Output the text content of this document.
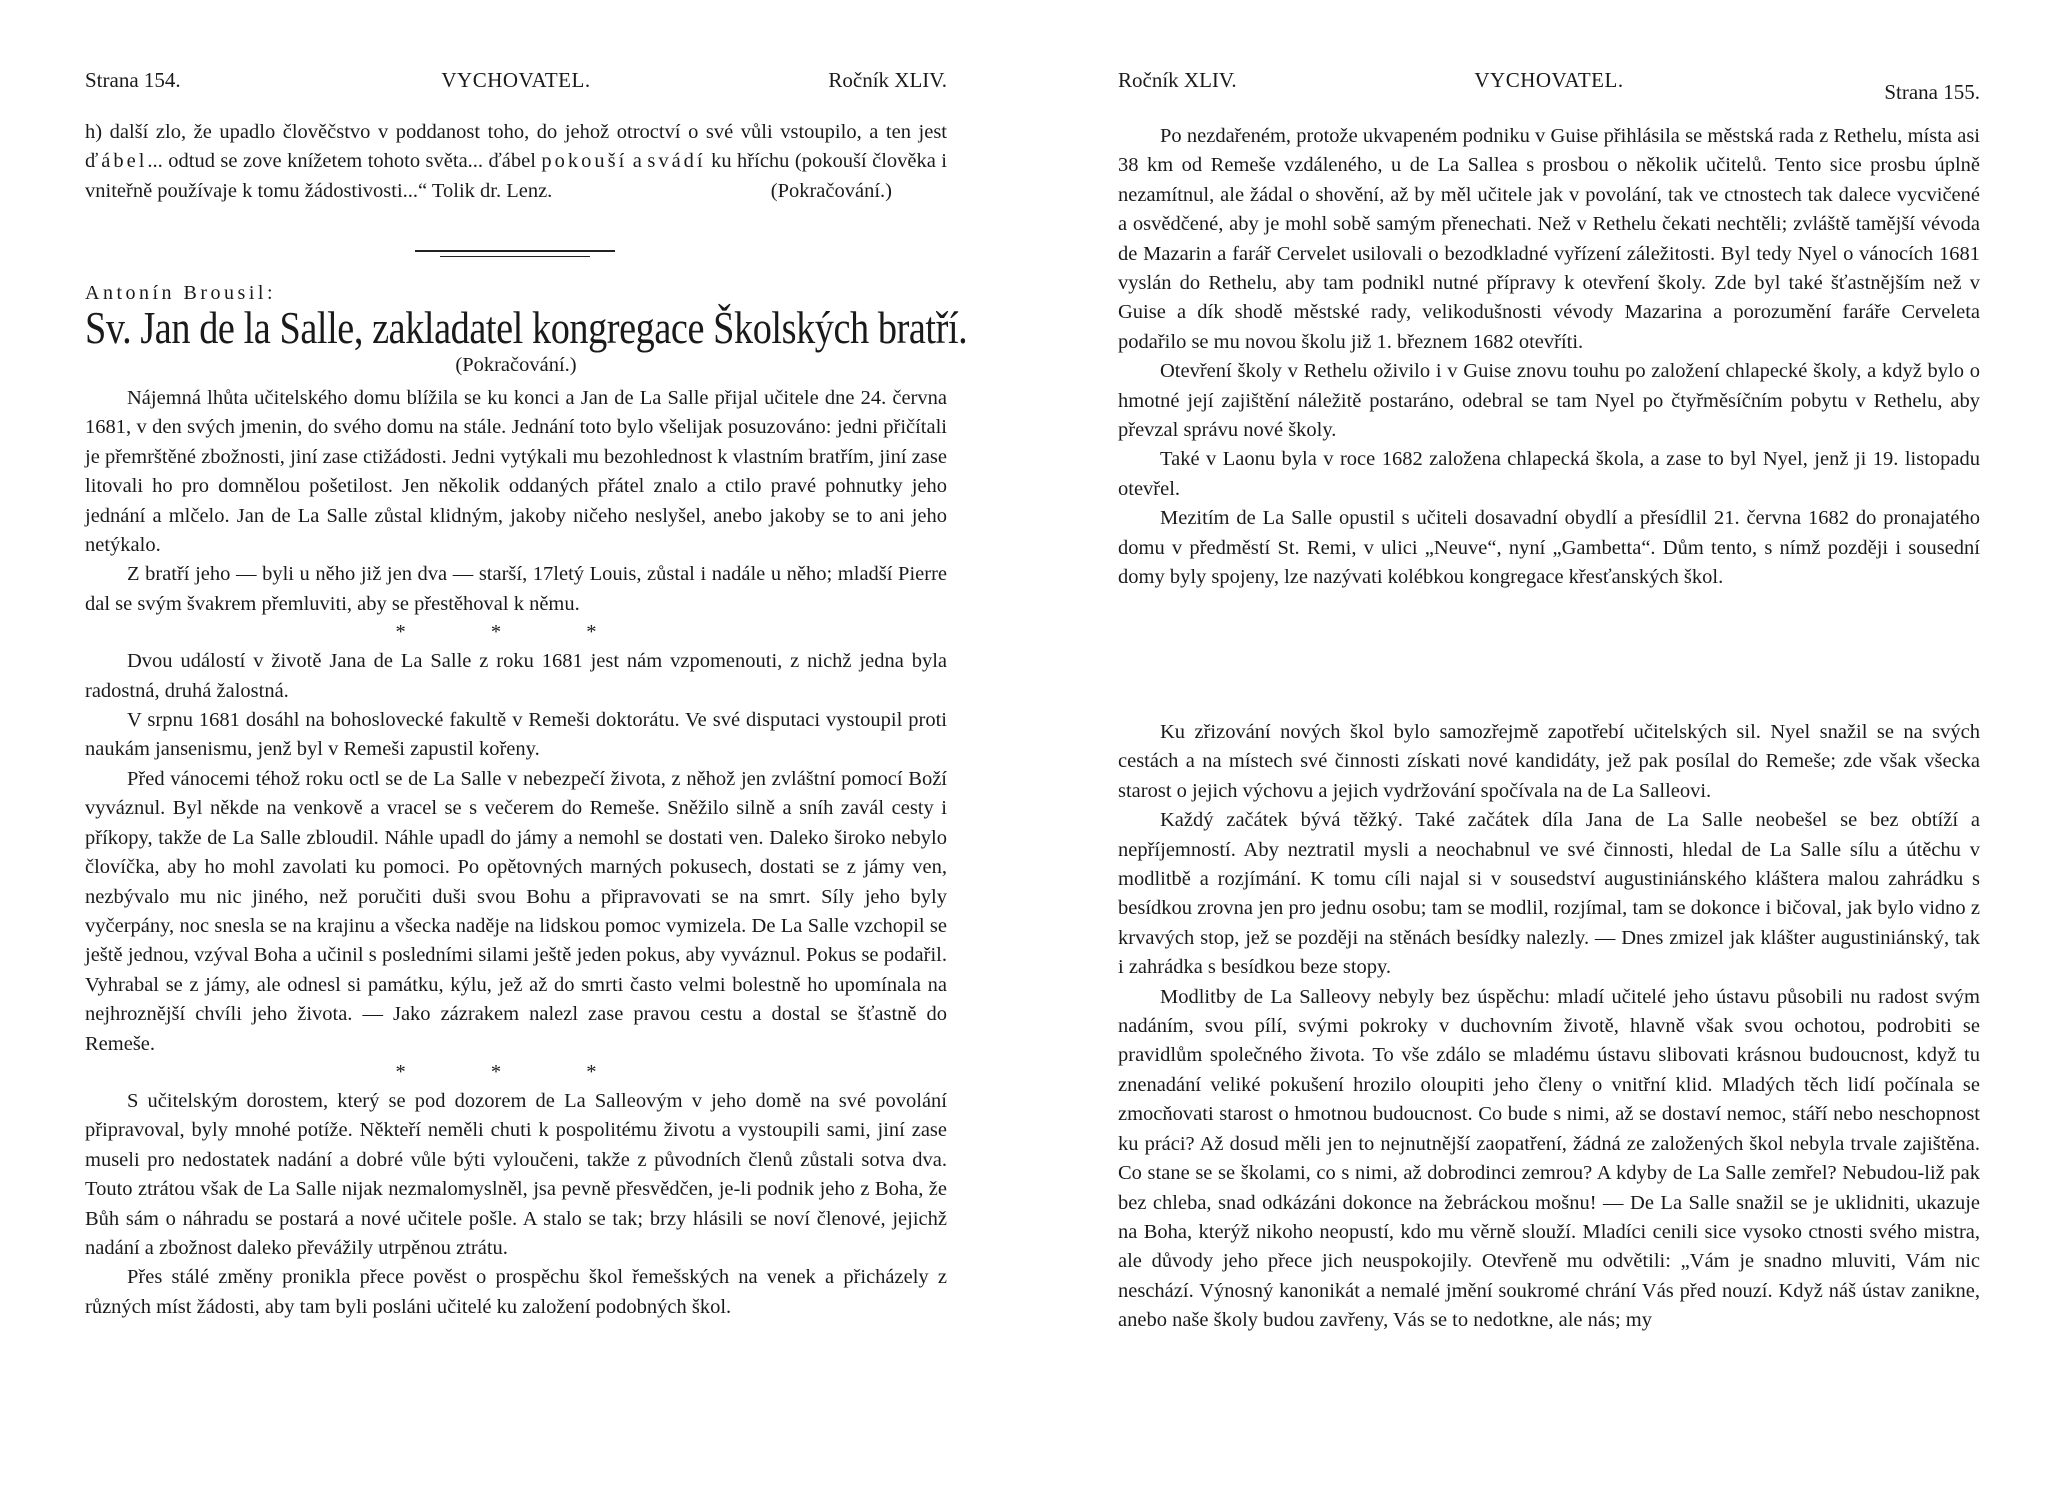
Strana 154.	VYCHOVATEL.	Ročník XLIV.

h) další zlo, že upadlo člověčstvo v poddanost toho, do jehož otroctví o své vůli vstoupilo, a ten jest ďábel... odtud se zove knížetem tohoto světa... ďábel pokouší a svádí ku hříchu (pokouší člověka i vniteřně používaje k tomu žádostivosti...“ Tolik dr. Lenz.	(Pokračování.)

Antonín Brousil:
Sv. Jan de la Salle, zakladatel kongregace Školských bratří.
(Pokračování.)

Nájemná lhůta učitelského domu blížila se ku konci a Jan de La Salle přijal učitele dne 24. června 1681, v den svých jmenin, do svého domu na stále. Jednání toto bylo všelijak posuzováno: jedni přičítali je přemrštěné zbožnosti, jiní zase ctižádosti. Jedni vytýkali mu bezohlednost k vlastním bratřím, jiní zase litovali ho pro domnělou pošetilost. Jen několik oddaných přátel znalo a ctilo pravé pohnutky jeho jednání a mlčelo. Jan de La Salle zůstal klidným, jakoby ničeho neslyšel, anebo jakoby se to ani jeho netýkalo.

Z bratří jeho — byli u něho již jen dva — starší, 17letý Louis, zůstal i nadále u něho; mladší Pierre dal se svým švakrem přemluviti, aby se přestěhoval k němu.

* * *

Dvou událostí v životě Jana de La Salle z roku 1681 jest nám vzpomenouti, z nichž jedna byla radostná, druhá žalostná.

V srpnu 1681 dosáhl na bohoslovecké fakultě v Remeši doktorátu. Ve své disputaci vystoupil proti naukám jansenismu, jenž byl v Remeši zapustil kořeny.

Před vánocemi téhož roku octl se de La Salle v nebezpečí života, z něhož jen zvláštní pomocí Boží vyváznul. Byl někde na venkově a vracel se s večerem do Remeše. Sněžilo silně a sníh zavál cesty i příkopy, takže de La Salle zbloudil. Náhle upadl do jámy a nemohl se dostati ven. Daleko široko nebylo človíčka, aby ho mohl zavolati ku pomoci. Po opětovných marných pokusech, dostati se z jámy ven, nezbývalo mu nic jiného, než poručiti duši svou Bohu a připravovati se na smrt. Síly jeho byly vyčerpány, noc snesla se na krajinu a všecka naděje na lidskou pomoc vymizela. De La Salle vzchopil se ještě jednou, vzýval Boha a učinil s posledními silami ještě jeden pokus, aby vyváznul. Pokus se podařil. Vyhrabal se z jámy, ale odnesl si památku, kýlu, jež až do smrti často velmi bolestně ho upomínala na nejhroznější chvíli jeho života. — Jako zázrakem nalezl zase pravou cestu a dostal se šťastně do Remeše.

* * *

S učitelským dorostem, který se pod dozorem de La Salleovým v jeho domě na své povolání připravoval, byly mnohé potíže. Někteří neměli chuti k pospolitému životu a vystoupili sami, jiní zase museli pro nedostatek nadání a dobré vůle býti vyloučeni, takže z původních členů zůstali sotva dva. Touto ztrátou však de La Salle nijak nezmalomyslněl, jsa pevně přesvědčen, je-li podnik jeho z Boha, že Bůh sám o náhradu se postará a nové učitele pošle. A stalo se tak; brzy hlásili se noví členové, jejichž nadání a zbožnost daleko převážily utrpěnou ztrátu.

Přes stálé změny pronikla přece pověst o prospěchu škol řemešských na venek a přicházely z různých míst žádosti, aby tam byli posláni učitelé ku založení podobných škol.

Ročník XLIV.	VYCHOVATEL.	Strana 155.

Po nezdařeném, protože ukvapeném podniku v Guise přihlásila se městská rada z Rethelu, místa asi 38 km od Remeše vzdáleného, u de La Sallea s prosbou o několik učitelů. Tento sice prosbu úplně nezamítnul, ale žádal o shovění, až by měl učitele jak v povolání, tak ve ctnostech tak dalece vycvičené a osvědčené, aby je mohl sobě samým přenechati. Než v Rethelu čekati nechtěli; zvláště tamější vévoda de Mazarin a farář Cervelet usilovali o bezodkladné vyřízení záležitosti. Byl tedy Nyel o vánocích 1681 vyslán do Rethelu, aby tam podnikl nutné přípravy k otevření školy. Zde byl také šťastnějším než v Guise a dík shodě městské rady, velikodušnosti vévody Mazarina a porozumění faráře Cerveleta podařilo se mu novou školu již 1. březnem 1682 otevříti.

Otevření školy v Rethelu oživilo i v Guise znovu touhu po založení chlapecké školy, a když bylo o hmotné její zajištění náležitě postaráno, odebral se tam Nyel po čtyřměsíčním pobytu v Rethelu, aby převzal správu nové školy.

Také v Laonu byla v roce 1682 založena chlapecká škola, a zase to byl Nyel, jenž ji 19. listopadu otevřel.

Mezitím de La Salle opustil s učiteli dosavadní obydlí a přesídlil 21. června 1682 do pronajatého domu v předměstí St. Remi, v ulici „Neuve“, nyní „Gambetta“. Dům tento, s nímž později i sousední domy byly spojeny, lze nazývati kolébkou kongregace křesťanských škol.

Ku zřizování nových škol bylo samozřejmě zapotřebí učitelských sil. Nyel snažil se na svých cestách a na místech své činnosti získati nové kandidáty, jež pak posílal do Remeše; zde však všecka starost o jejich výchovu a jejich vydržování spočívala na de La Salleovi.

Každý začátek bývá těžký. Také začátek díla Jana de La Salle neobešel se bez obtíží a nepříjemností. Aby neztratil mysli a neochabnul ve své činnosti, hledal de La Salle sílu a útěchu v modlitbě a rozjímání. K tomu cíli najal si v sousedství augustiniánského kláštera malou zahrádku s besídkou zrovna jen pro jednu osobu; tam se modlil, rozjímal, tam se dokonce i bičoval, jak bylo vidno z krvavých stop, jež se později na stěnách besídky nalezly. — Dnes zmizel jak klášter augustiniánský, tak i zahrádka s besídkou beze stopy.

Modlitby de La Salleovy nebyly bez úspěchu: mladí učitelé jeho ústavu působili nu radost svým nadáním, svou pílí, svými pokroky v duchovním životě, hlavně však svou ochotou, podrobiti se pravidlům společného života. To vše zdálo se mladému ústavu slibovati krásnou budoucnost, když tu znenadání veliké pokušení hrozilo oloupiti jeho členy o vnitřní klid. Mladých těch lidí počínala se zmocňovati starost o hmotnou budoucnost. Co bude s nimi, až se dostaví nemoc, stáří nebo neschopnost ku práci? Až dosud měli jen to nejnutnější zaopatření, žádná ze založených škol nebyla trvale zajištěna. Co stane se se školami, co s nimi, až dobrodinci zemrou? A kdyby de La Salle zemřel? Nebudou-liž pak bez chleba, snad odkázáni dokonce na žebráckou mošnu! — De La Salle snažil se je uklidniti, ukazuje na Boha, kterýž nikoho neopustí, kdo mu věrně slouží. Mladíci cenili sice vysoko ctnosti svého mistra, ale důvody jeho přece jich neuspokojily. Otevřeně mu odvětili: „Vám je snadno mluviti, Vám nic neschází. Výnosný kanonikát a nemalé jmění soukromé chrání Vás před nouzí. Když náš ústav zanikne, anebo naše školy budou zavřeny, Vás se to nedotkne, ale nás; my
